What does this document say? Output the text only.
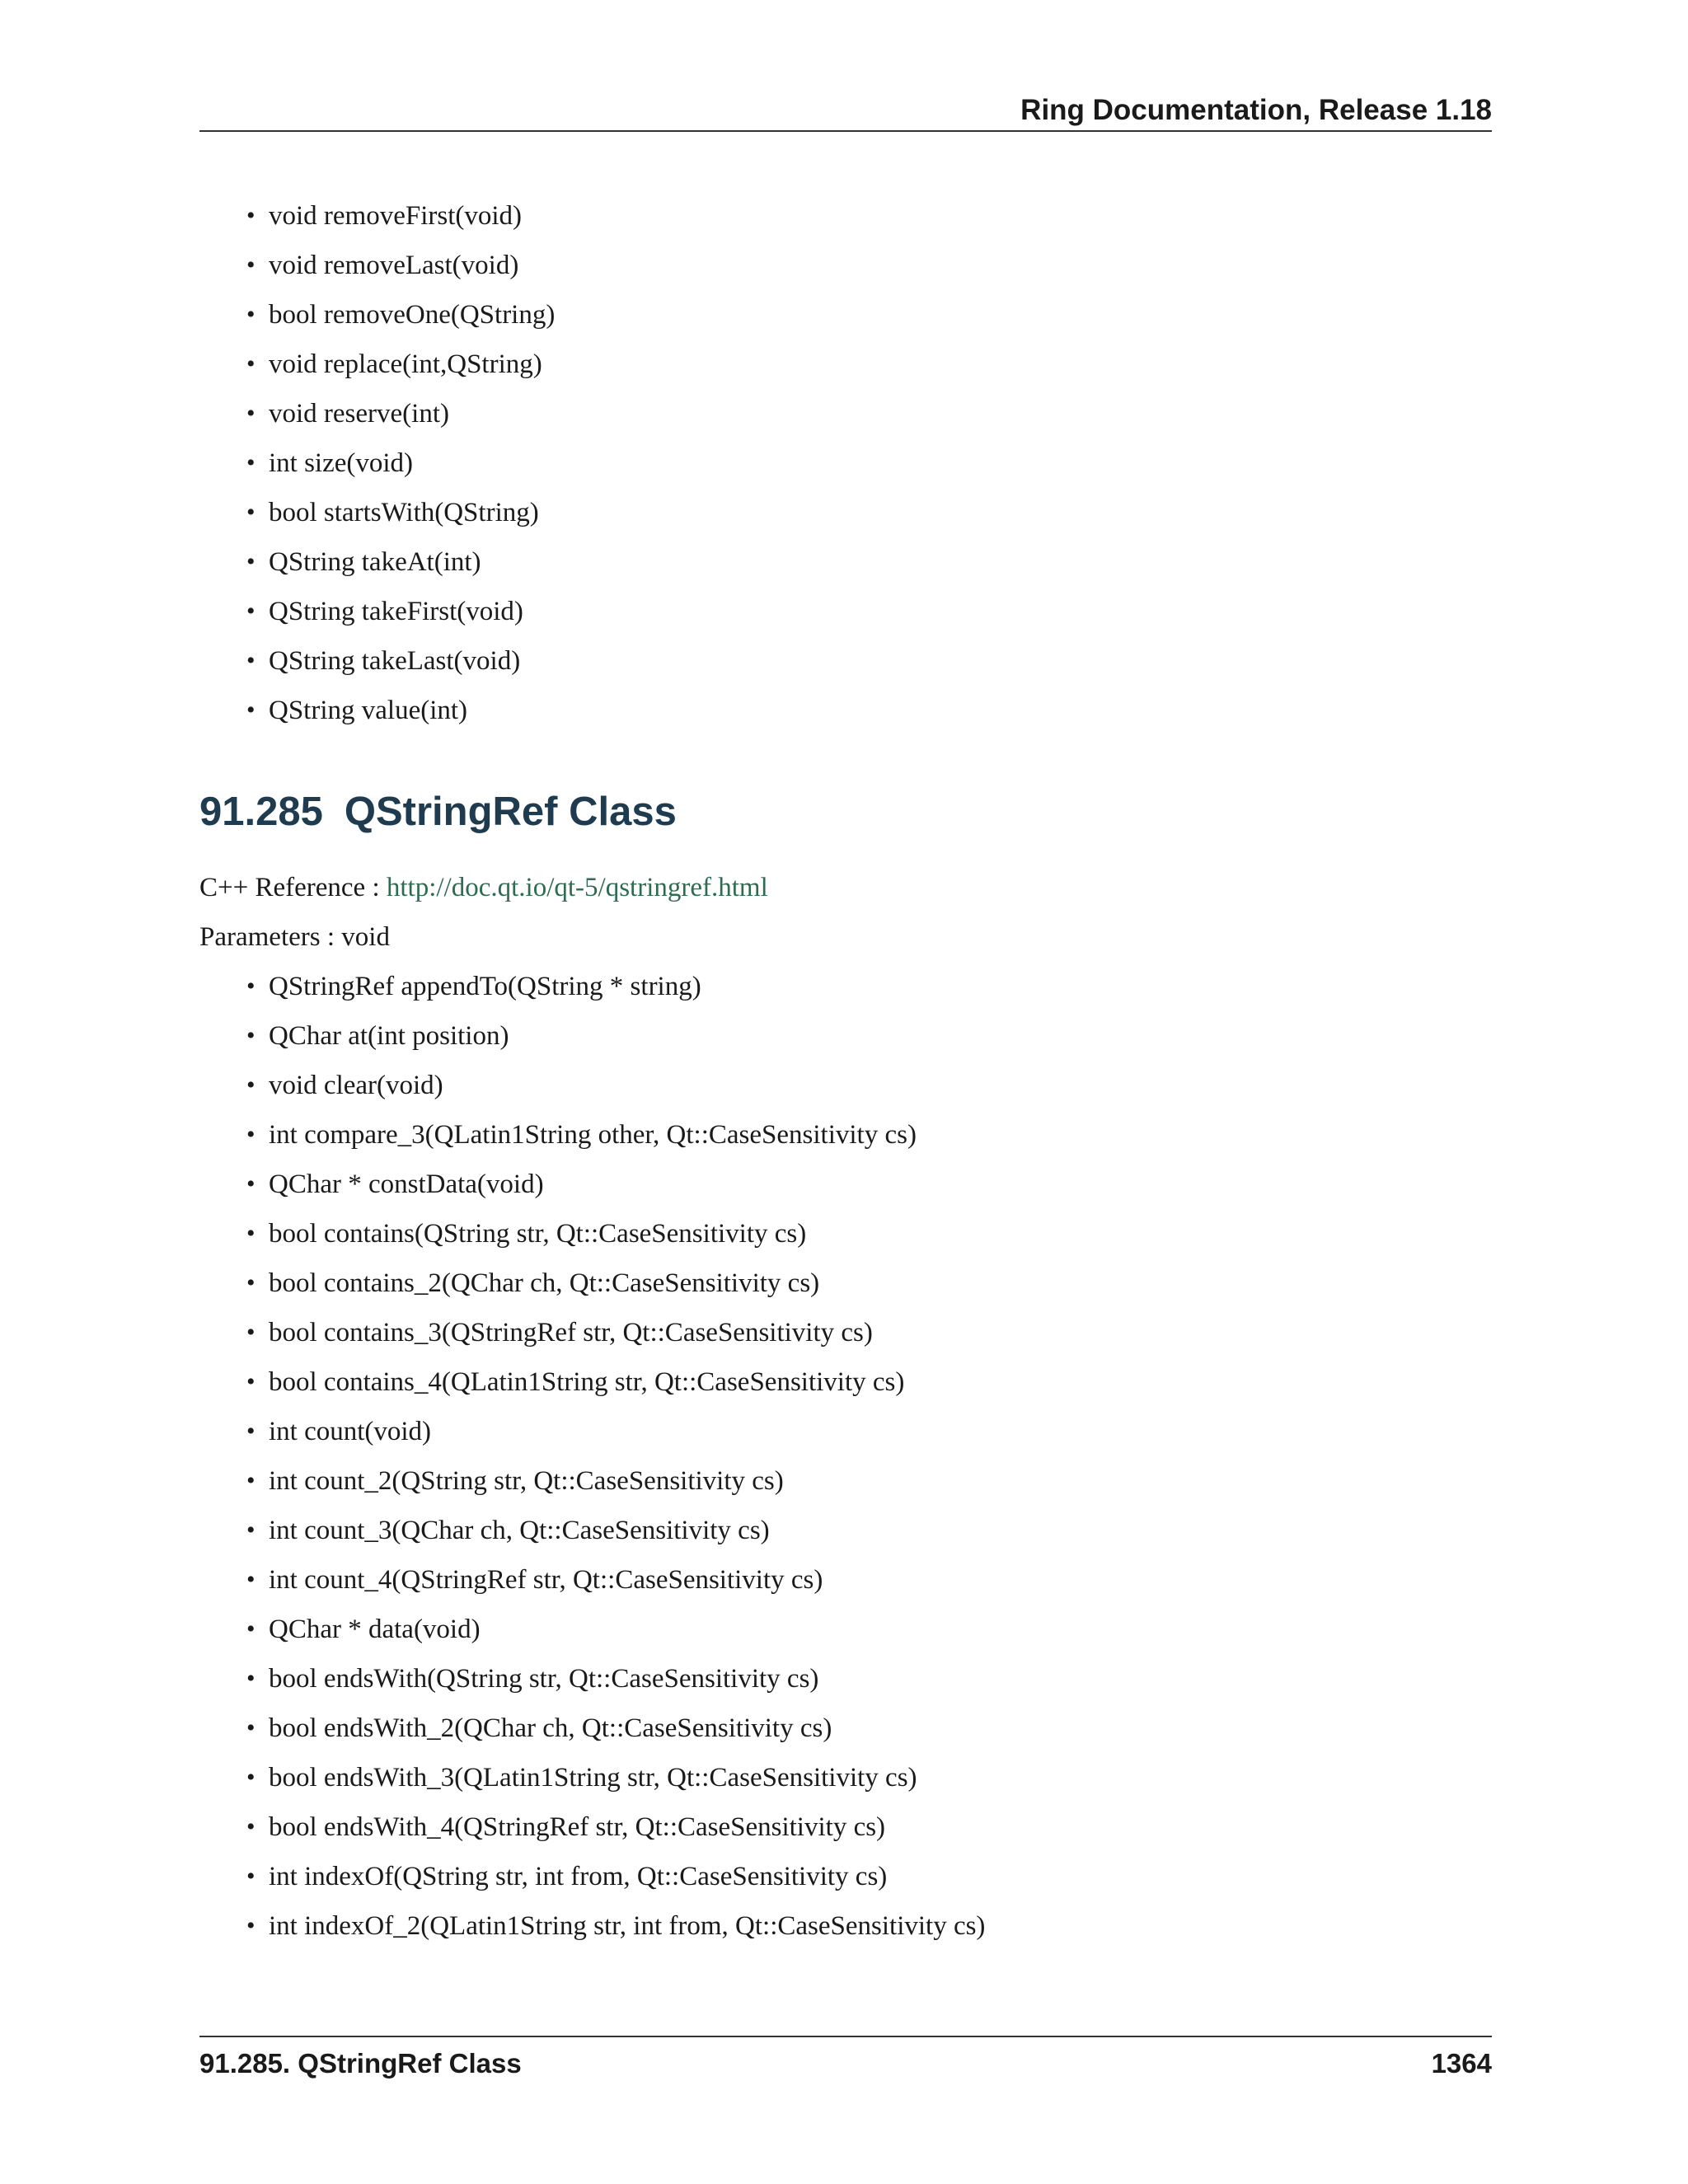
Ring Documentation, Release 1.18
• void removeFirst(void)
• void removeLast(void)
• bool removeOne(QString)
• void replace(int,QString)
• void reserve(int)
• int size(void)
• bool startsWith(QString)
• QString takeAt(int)
• QString takeFirst(void)
• QString takeLast(void)
• QString value(int)
91.285 QStringRef Class
C++ Reference : http://doc.qt.io/qt-5/qstringref.html
Parameters : void
• QStringRef appendTo(QString * string)
• QChar at(int position)
• void clear(void)
• int compare_3(QLatin1String other, Qt::CaseSensitivity cs)
• QChar * constData(void)
• bool contains(QString str, Qt::CaseSensitivity cs)
• bool contains_2(QChar ch, Qt::CaseSensitivity cs)
• bool contains_3(QStringRef str, Qt::CaseSensitivity cs)
• bool contains_4(QLatin1String str, Qt::CaseSensitivity cs)
• int count(void)
• int count_2(QString str, Qt::CaseSensitivity cs)
• int count_3(QChar ch, Qt::CaseSensitivity cs)
• int count_4(QStringRef str, Qt::CaseSensitivity cs)
• QChar * data(void)
• bool endsWith(QString str, Qt::CaseSensitivity cs)
• bool endsWith_2(QChar ch, Qt::CaseSensitivity cs)
• bool endsWith_3(QLatin1String str, Qt::CaseSensitivity cs)
• bool endsWith_4(QStringRef str, Qt::CaseSensitivity cs)
• int indexOf(QString str, int from, Qt::CaseSensitivity cs)
• int indexOf_2(QLatin1String str, int from, Qt::CaseSensitivity cs)
91.285. QStringRef Class	1364
